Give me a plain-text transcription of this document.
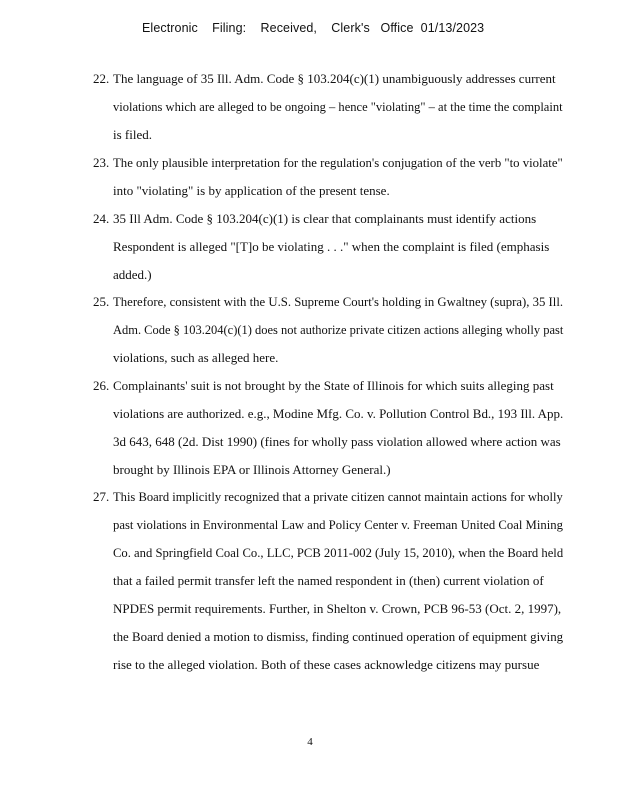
Electronic    Filing:    Received,    Clerk's   Office  01/13/2023
22. The language of 35 Ill. Adm. Code § 103.204(c)(1) unambiguously addresses current
violations which are alleged to be ongoing – hence "violating" – at the time the complaint
is filed.
23. The only plausible interpretation for the regulation's conjugation of the verb "to violate"
into "violating" is by application of the present tense.
24. 35 Ill Adm. Code § 103.204(c)(1) is clear that complainants must identify actions
Respondent is alleged "[T]o be violating . . ." when the complaint is filed (emphasis
added.)
25. Therefore, consistent with the U.S. Supreme Court's holding in Gwaltney (supra), 35 Ill.
Adm. Code § 103.204(c)(1) does not authorize private citizen actions alleging wholly past
violations, such as alleged here.
26. Complainants' suit is not brought by the State of Illinois for which suits alleging past
violations are authorized. e.g., Modine Mfg. Co. v. Pollution Control Bd., 193 Ill. App.
3d 643, 648 (2d. Dist 1990) (fines for wholly pass violation allowed where action was
brought by Illinois EPA or Illinois Attorney General.)
27. This Board implicitly recognized that a private citizen cannot maintain actions for wholly
past violations in Environmental Law and Policy Center v. Freeman United Coal Mining
Co. and Springfield Coal Co., LLC, PCB 2011-002 (July 15, 2010), when the Board held
that a failed permit transfer left the named respondent in (then) current violation of
NPDES permit requirements. Further, in Shelton v. Crown, PCB 96-53 (Oct. 2, 1997),
the Board denied a motion to dismiss, finding continued operation of equipment giving
rise to the alleged violation. Both of these cases acknowledge citizens may pursue
4
